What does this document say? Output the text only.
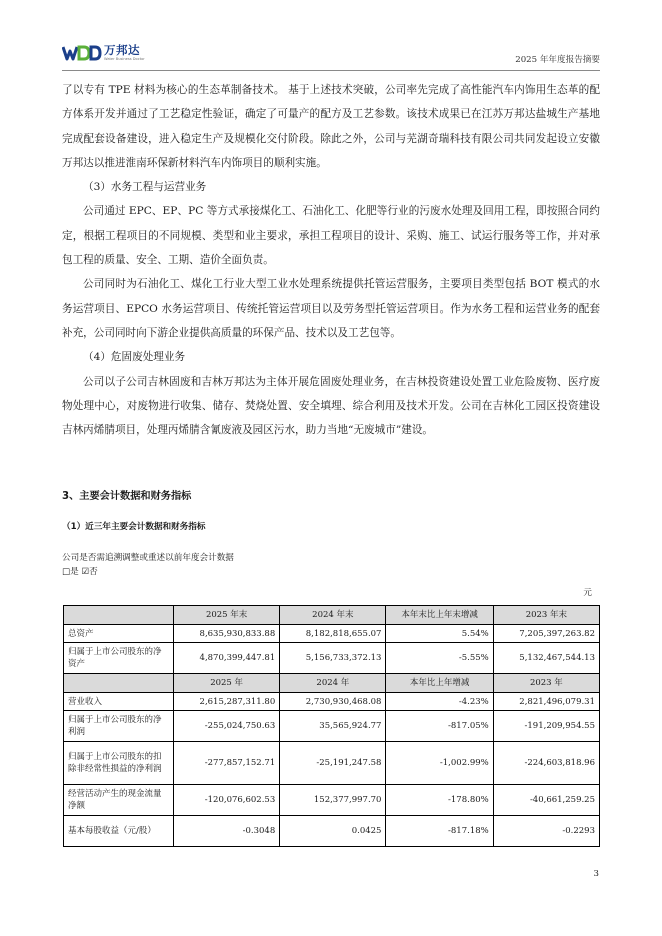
万邦达
Water Business Doctor	2025 年年度报告摘要

了以专有 TPE 材料为核心的生态革制备技术。 基于上述技术突破，公司率先完成了高性能汽车内饰用生态革的配方体系开发并通过了工艺稳定性验证，确定了可量产的配方及工艺参数。该技术成果已在江苏万邦达盐城生产基地完成配套设备建设，进入稳定生产及规模化交付阶段。除此之外，公司与芜湖奇瑞科技有限公司共同发起设立安徽万邦达以推进淮南环保新材料汽车内饰项目的顺利实施。

（3）水务工程与运营业务

公司通过 EPC、EP、PC 等方式承接煤化工、石油化工、化肥等行业的污废水处理及回用工程，即按照合同约定，根据工程项目的不同规模、类型和业主要求，承担工程项目的设计、采购、施工、试运行服务等工作，并对承包工程的质量、安全、工期、造价全面负责。

公司同时为石油化工、煤化工行业大型工业水处理系统提供托管运营服务，主要项目类型包括 BOT 模式的水务运营项目、EPCO 水务运营项目、传统托管运营项目以及劳务型托管运营项目。作为水务工程和运营业务的配套补充，公司同时向下游企业提供高质量的环保产品、技术以及工艺包等。

（4）危固废处理业务

公司以子公司吉林固废和吉林万邦达为主体开展危固废处理业务，在吉林投资建设处置工业危险废物、医疗废物处理中心，对废物进行收集、储存、焚烧处置、安全填埋、综合利用及技术开发。公司在吉林化工园区投资建设吉林丙烯腈项目，处理丙烯腈含氰废液及园区污水，助力当地“无废城市”建设。

3、主要会计数据和财务指标
（1）近三年主要会计数据和财务指标

公司是否需追溯调整或重述以前年度会计数据

□是 ☑否

元
	2025 年末	2024 年末	本年末比上年末增减	2023 年末
总资产	8,635,930,833.88	8,182,818,655.07	5.54%	7,205,397,263.82
归属于上市公司股东的净资产	4,870,399,447.81	5,156,733,372.13	-5.55%	5,132,467,544.13
	2025 年	2024 年	本年比上年增减	2023 年
营业收入	2,615,287,311.80	2,730,930,468.08	-4.23%	2,821,496,079.31
归属于上市公司股东的净利润	-255,024,750.63	35,565,924.77	-817.05%	-191,209,954.55
归属于上市公司股东的扣除非经常性损益的净利润	-277,857,152.71	-25,191,247.58	-1,002.99%	-224,603,818.96
经营活动产生的现金流量净额	-120,076,602.53	152,377,997.70	-178.80%	-40,661,259.25
基本每股收益（元/股）	-0.3048	0.0425	-817.18%	-0.2293
3
